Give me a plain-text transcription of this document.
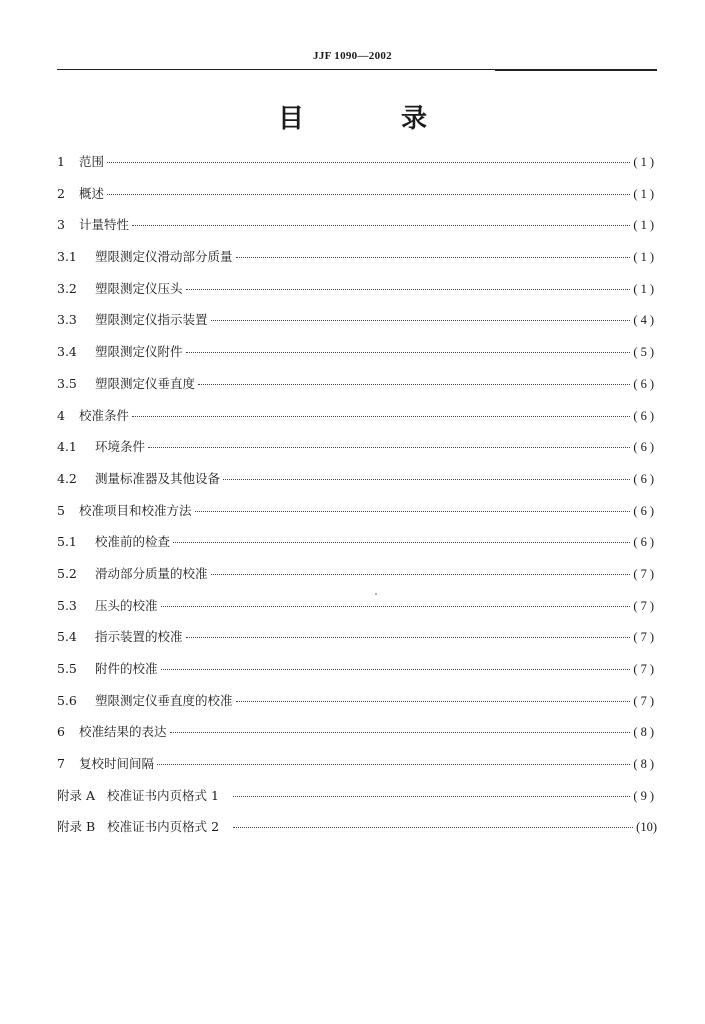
JJF 1090—2002
目 录
1	范围	(1)
2	概述	(1)
3	计量特性	(1)
3.1	塑限测定仪滑动部分质量	(1)
3.2	塑限测定仪压头	(1)
3.3	塑限测定仪指示装置	(4)
3.4	塑限测定仪附件	(5)
3.5	塑限测定仪垂直度	(6)
4	校准条件	(6)
4.1	环境条件	(6)
4.2	测量标准器及其他设备	(6)
5	校准项目和校准方法	(6)
5.1	校准前的检查	(6)
5.2	滑动部分质量的校准	(7)
5.3	压头的校准	(7)
5.4	指示装置的校准	(7)
5.5	附件的校准	(7)
5.6	塑限测定仪垂直度的校准	(7)
6	校准结果的表达	(8)
7	复校时间间隔	(8)
附录 A 校准证书内页格式 1	(9)
附录 B 校准证书内页格式 2	(10)
